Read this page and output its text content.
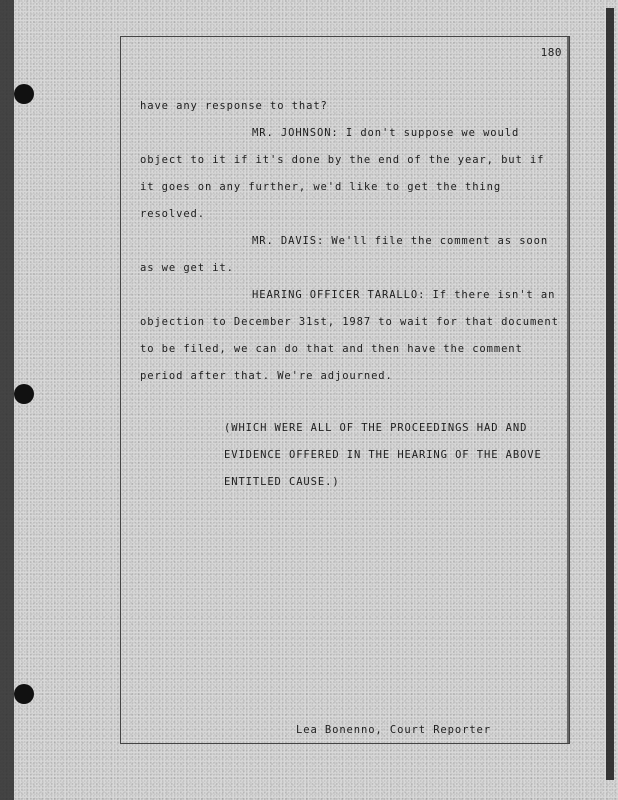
180
have any response to that?
MR. JOHNSON: I don't suppose we would
object to it if it's done by the end of the year, but if
it goes on any further, we'd like to get the thing
resolved.
MR. DAVIS: We'll file the comment as soon
as we get it.
HEARING OFFICER TARALLO: If there isn't an
objection to December 31st, 1987 to wait for that document
to be filed, we can do that and then have the comment
period after that. We're adjourned.
(WHICH WERE ALL OF THE PROCEEDINGS HAD AND
EVIDENCE OFFERED IN THE HEARING OF THE ABOVE
ENTITLED CAUSE.)
Lea Bonenno, Court Reporter
